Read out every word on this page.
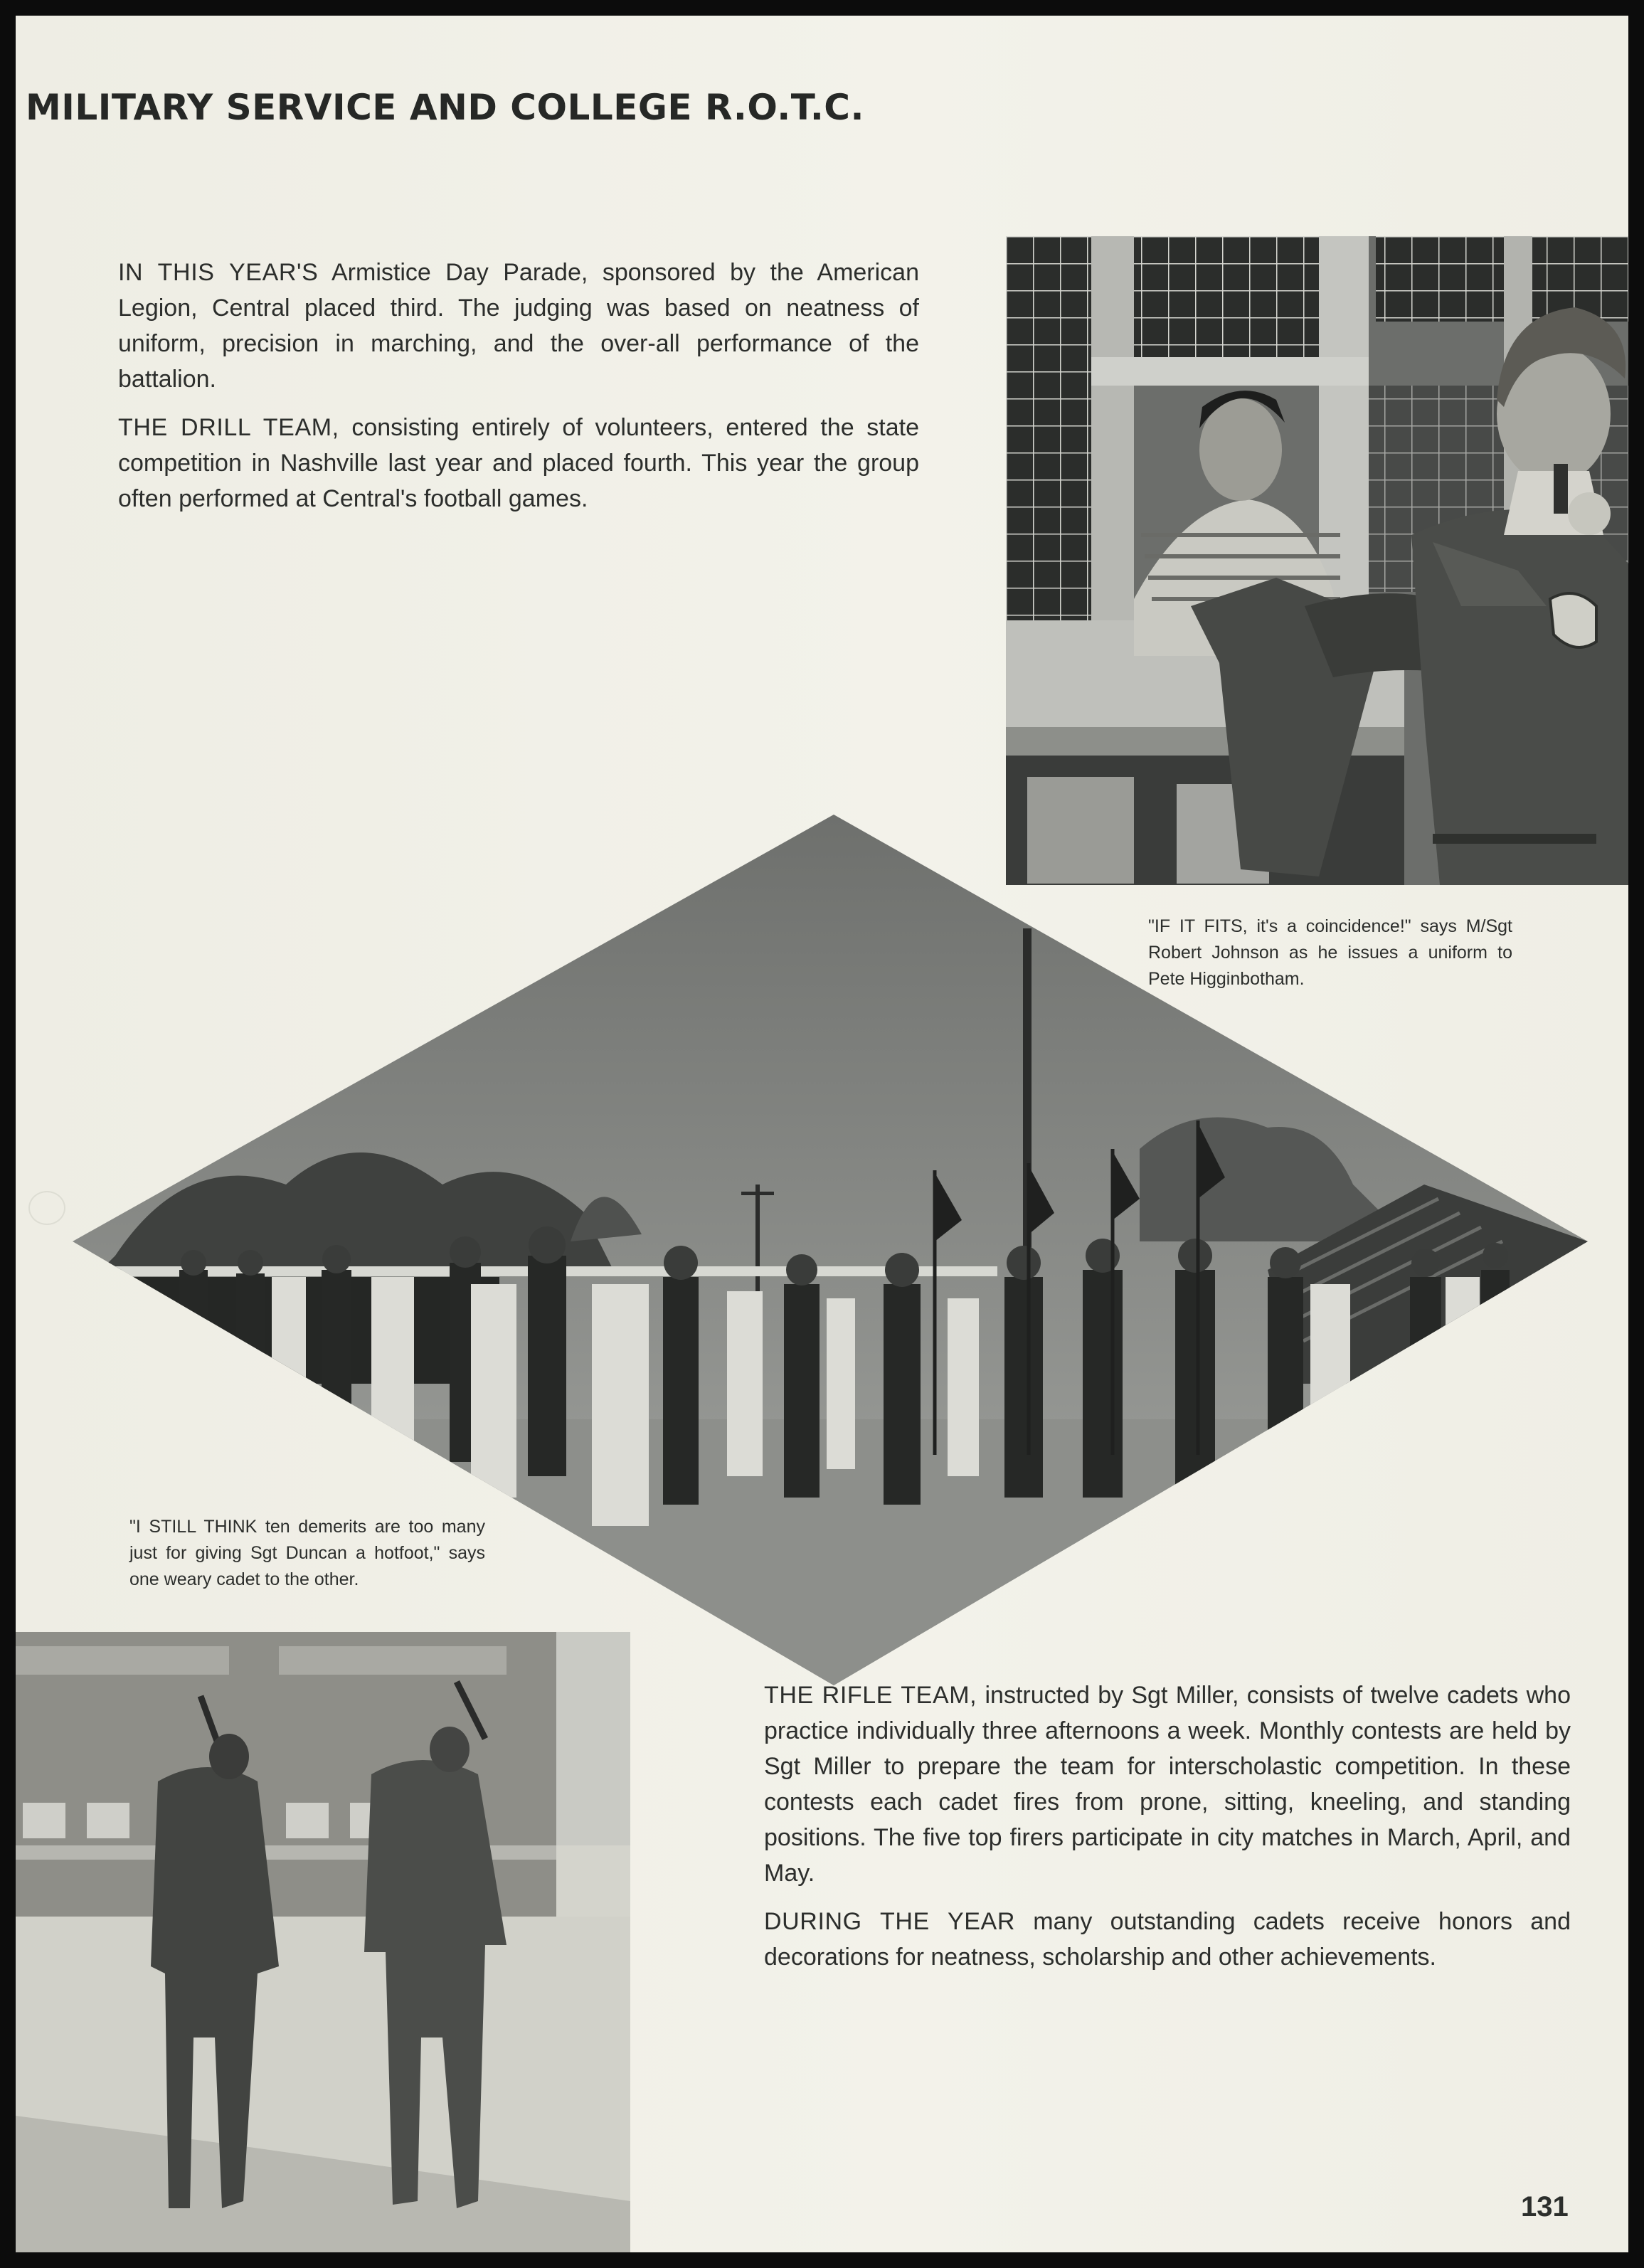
MILITARY SERVICE AND COLLEGE R.O.T.C.

IN THIS YEAR'S Armistice Day Parade, sponsored by the American Legion, Central placed third. The judging was based on neatness of uniform, precision in marching, and the over-all performance of the battalion.

THE DRILL TEAM, consisting entirely of volunteers, entered the state competition in Nashville last year and placed fourth. This year the group often performed at Central's football games.

"IF IT FITS, it's a coincidence!" says M/Sgt Robert Johnson as he issues a uniform to Pete Higginbotham.
"I STILL THINK ten demerits are too many just for giving Sgt Duncan a hotfoot," says one weary cadet to the other.

THE RIFLE TEAM, instructed by Sgt Miller, consists of twelve cadets who practice individually three afternoons a week. Monthly contests are held by Sgt Miller to prepare the team for interscholastic competition. In these contests each cadet fires from prone, sitting, kneeling, and standing positions. The five top firers participate in city matches in March, April, and May.

DURING THE YEAR many outstanding cadets receive honors and decorations for neatness, scholarship and other achievements.

131
